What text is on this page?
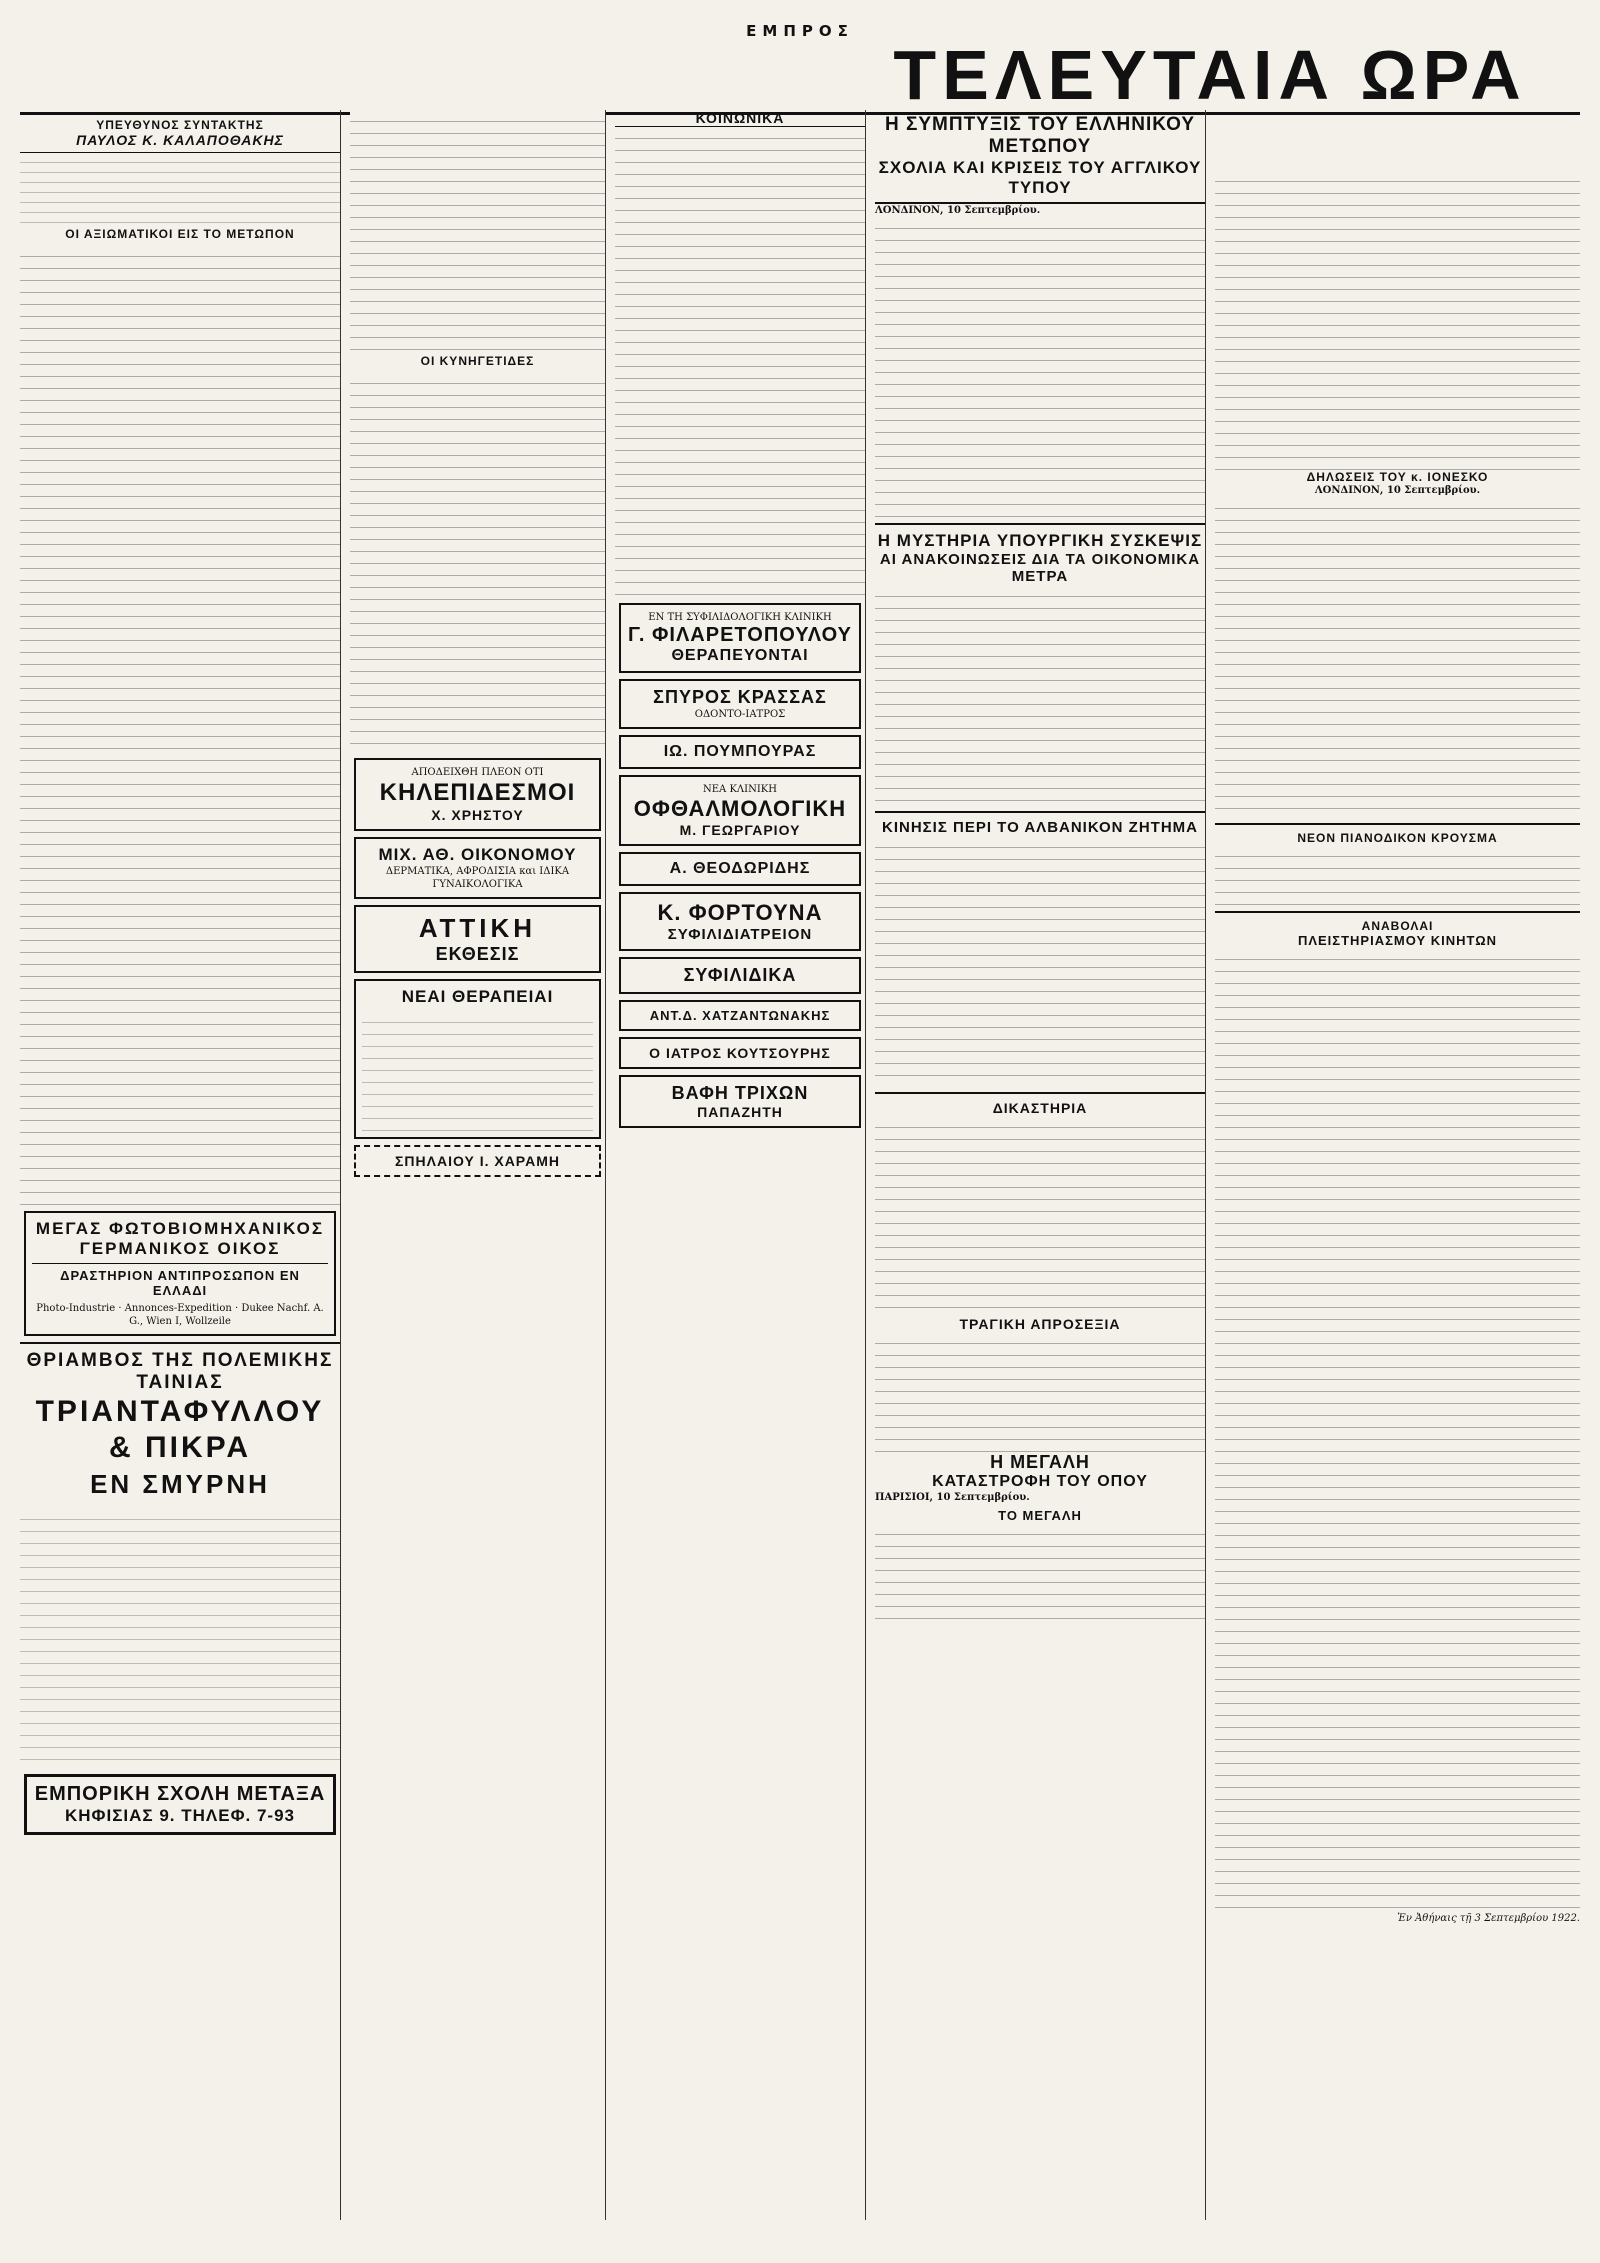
ΕΜΠΡΟΣ
ΤΕΛΕΥΤΑΙΑ ΩΡΑ
ΥΠΕΥΘΥΝΟΣ ΣΥΝΤΑΚΤΗΣ
ΠΑΥΛΟΣ Κ. ΚΑΛΑΠΟΘΑΚΗΣ
ΟΙ ΑΞΙΩΜΑΤΙΚΟΙ ΕΙΣ ΤΟ ΜΕΤΩΠΟΝ
ΜΕΓΑΣ ΦΩΤΟΒΙΟΜΗΧΑΝΙΚΟΣ ΓΕΡΜΑΝΙΚΟΣ ΟΙΚΟΣ
ΔΡΑΣΤΗΡΙΟΝ ΑΝΤΙΠΡΟΣΩΠΟΝ ΕΝ ΕΛΛΑΔΙ
Photo-Industrie · Annonces-Expedition · Dukee Nachf. A. G., Wien I, Wollzeile
ΘΡΙΑΜΒΟΣ ΤΗΣ ΠΟΛΕΜΙΚΗΣ ΤΑΙΝΙΑΣ
ΤΡΙΑΝΤΑΦΥΛΛΟΥ & ΠΙΚΡΑ
ΕΝ ΣΜΥΡΝΗ
ΕΜΠΟΡΙΚΗ ΣΧΟΛΗ ΜΕΤΑΞΑ
ΚΗΦΙΣΙΑΣ 9. ΤΗΛΕΦ. 7-93
ΟΙ ΚΥΝΗΓΕΤΙΔΕΣ
ΑΠΟΔΕΙΧΘΗ ΠΛΕΟΝ ΟΤΙ
ΚΗΛΕΠΙΔΕΣΜΟΙ
Χ. ΧΡΗΣΤΟΥ
ΜΙΧ. ΑΘ. ΟΙΚΟΝΟΜΟΥ
ΔΕΡΜΑΤΙΚΑ, ΑΦΡΟΔΙΣΙΑ και ΙΔΙΚΑ ΓΥΝΑΙΚΟΛΟΓΙΚΑ
ΑΤΤΙΚΗ
ΕΚΘΕΣΙΣ
ΝΕΑΙ ΘΕΡΑΠΕΙΑΙ
ΣΠΗΛΑΙΟΥ Ι. ΧΑΡΑΜΗ
ΚΟΙΝΩΝΙΚΑ
ΕΝ ΤΗ ΣΥΦΙΛΙΔΟΛΟΓΙΚΗ ΚΛΙΝΙΚΗ
Γ. ΦΙΛΑΡΕΤΟΠΟΥΛΟΥ
ΘΕΡΑΠΕΥΟΝΤΑΙ
ΣΠΥΡΟΣ ΚΡΑΣΣΑΣ
ΟΔΟΝΤΟ-ΙΑΤΡΟΣ
ΙΩ. ΠΟΥΜΠΟΥΡΑΣ
ΝΕΑ ΚΛΙΝΙΚΗ
ΟΦΘΑΛΜΟΛΟΓΙΚΗ
Μ. ΓΕΩΡΓΑΡΙΟΥ
Α. ΘΕΟΔΩΡΙΔΗΣ
Κ. ΦΟΡΤΟΥΝΑ
ΣΥΦΙΛΙΔΙΑΤΡΕΙΟΝ
ΣΥΦΙΛΙΔΙΚΑ
ΑΝΤ.Δ. ΧΑΤΖΑΝΤΩΝΑΚΗΣ
Ο ΙΑΤΡΟΣ ΚΟΥΤΣΟΥΡΗΣ
ΒΑΦΗ ΤΡΙΧΩΝ
ΠΑΠΑΖΗΤΗ
Η ΣΥΜΠΤΥΞΙΣ ΤΟΥ ΕΛΛΗΝΙΚΟΥ ΜΕΤΩΠΟΥ
ΣΧΟΛΙΑ ΚΑΙ ΚΡΙΣΕΙΣ ΤΟΥ ΑΓΓΛΙΚΟΥ ΤΥΠΟΥ
ΛΟΝΔΙΝΟΝ, 10 Σεπτεμβρίου.
Η ΜΥΣΤΗΡΙΑ ΥΠΟΥΡΓΙΚΗ ΣΥΣΚΕΨΙΣ
ΑΙ ΑΝΑΚΟΙΝΩΣΕΙΣ ΔΙΑ ΤΑ ΟΙΚΟΝΟΜΙΚΑ ΜΕΤΡΑ
ΚΙΝΗΣΙΣ ΠΕΡΙ ΤΟ ΑΛΒΑΝΙΚΟΝ ΖΗΤΗΜΑ
ΔΙΚΑΣΤΗΡΙΑ
ΤΡΑΓΙΚΗ ΑΠΡΟΣΕΞΙΑ
Η ΜΕΓΑΛΗ
ΚΑΤΑΣΤΡΟΦΗ ΤΟΥ ΟΠΟΥ
ΠΑΡΙΣΙΟΙ, 10 Σεπτεμβρίου.
ΤΟ ΜΕΓΑΛΗ
ΔΗΛΩΣΕΙΣ ΤΟΥ κ. ΙΟΝΕΣΚΟ
ΛΟΝΔΙΝΟΝ, 10 Σεπτεμβρίου.
ΝΕΟΝ ΠΙΑΝΟΔΙΚΟΝ ΚΡΟΥΣΜΑ
ΑΝΑΒΟΛΑΙ
ΠΛΕΙΣΤΗΡΙΑΣΜΟΥ ΚΙΝΗΤΩΝ
Ἐν Ἀθήναις τῇ 3 Σεπτεμβρίου 1922.
